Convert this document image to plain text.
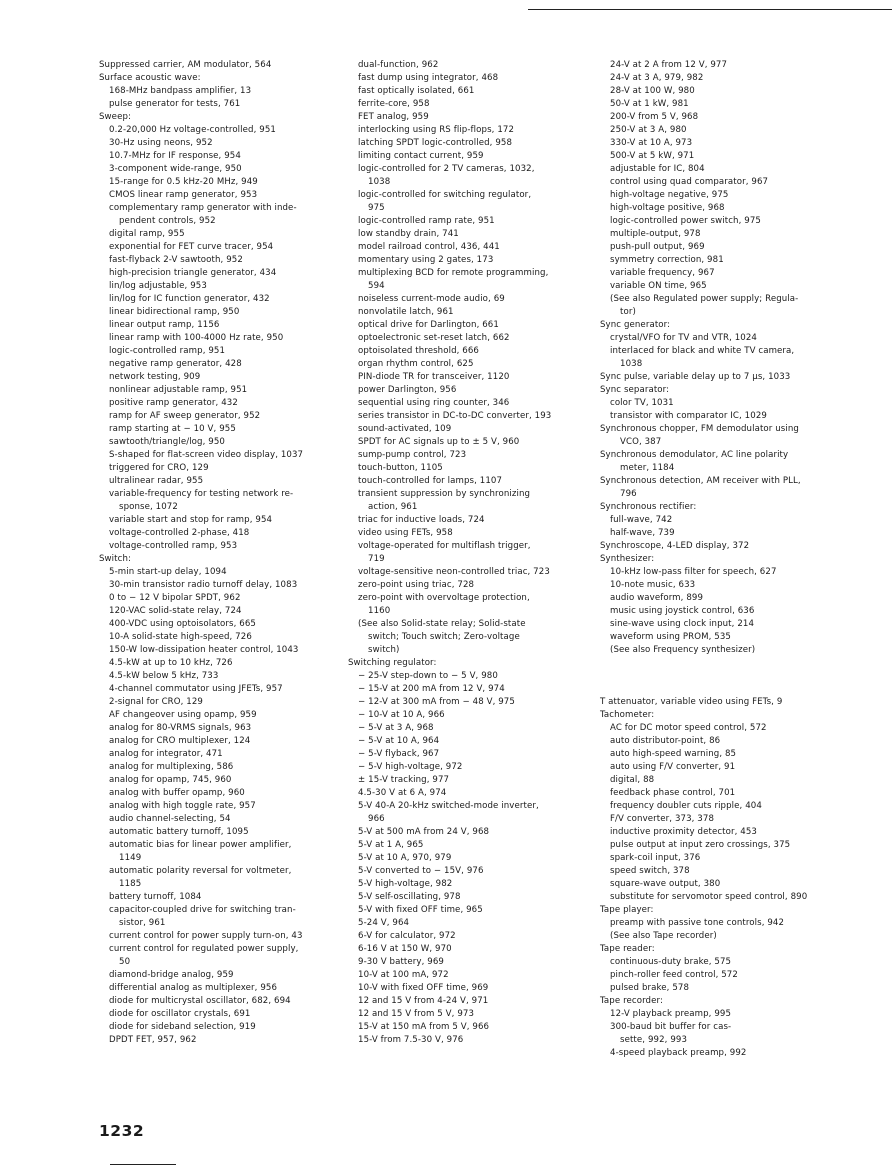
Suppressed carrier, AM modulator, 564
Surface acoustic wave:
168-MHz bandpass amplifier, 13
pulse generator for tests, 761
Sweep:
0.2-20,000 Hz voltage-controlled, 951
30-Hz using neons, 952
10.7-MHz for IF response, 954
3-component wide-range, 950
15-range for 0.5 kHz-20 MHz, 949
CMOS linear ramp generator, 953
complementary ramp generator with inde-
pendent controls, 952
digital ramp, 955
exponential for FET curve tracer, 954
fast-flyback 2-V sawtooth, 952
high-precision triangle generator, 434
lin/log adjustable, 953
lin/log for IC function generator, 432
linear bidirectional ramp, 950
linear output ramp, 1156
linear ramp with 100-4000 Hz rate, 950
logic-controlled ramp, 951
negative ramp generator, 428
network testing, 909
nonlinear adjustable ramp, 951
positive ramp generator, 432
ramp for AF sweep generator, 952
ramp starting at − 10 V, 955
sawtooth/triangle/log, 950
S-shaped for flat-screen video display, 1037
triggered for CRO, 129
ultralinear radar, 955
variable-frequency for testing network re-
sponse, 1072
variable start and stop for ramp, 954
voltage-controlled 2-phase, 418
voltage-controlled ramp, 953
Switch:
5-min start-up delay, 1094
30-min transistor radio turnoff delay, 1083
0 to − 12 V bipolar SPDT, 962
120-VAC solid-state relay, 724
400-VDC using optoisolators, 665
10-A solid-state high-speed, 726
150-W low-dissipation heater control, 1043
4.5-kW at up to 10 kHz, 726
4.5-kW below 5 kHz, 733
4-channel commutator using JFETs, 957
2-signal for CRO, 129
AF changeover using opamp, 959
analog for 80-VRMS signals, 963
analog for CRO multiplexer, 124
analog for integrator, 471
analog for multiplexing, 586
analog for opamp, 745, 960
analog with buffer opamp, 960
analog with high toggle rate, 957
audio channel-selecting, 54
automatic battery turnoff, 1095
automatic bias for linear power amplifier,
1149
automatic polarity reversal for voltmeter,
1185
battery turnoff, 1084
capacitor-coupled drive for switching tran-
sistor, 961
current control for power supply turn-on, 43
current control for regulated power supply,
50
diamond-bridge analog, 959
differential analog as multiplexer, 956
diode for multicrystal oscillator, 682, 694
diode for oscillator crystals, 691
diode for sideband selection, 919
DPDT FET, 957, 962
dual-function, 962
fast dump using integrator, 468
fast optically isolated, 661
ferrite-core, 958
FET analog, 959
interlocking using RS flip-flops, 172
latching SPDT logic-controlled, 958
limiting contact current, 959
logic-controlled for 2 TV cameras, 1032,
1038
logic-controlled for switching regulator,
975
logic-controlled ramp rate, 951
low standby drain, 741
model railroad control, 436, 441
momentary using 2 gates, 173
multiplexing BCD for remote programming,
594
noiseless current-mode audio, 69
nonvolatile latch, 961
optical drive for Darlington, 661
optoelectronic set-reset latch, 662
optoisolated threshold, 666
organ rhythm control, 625
PIN-diode TR for transceiver, 1120
power Darlington, 956
sequential using ring counter, 346
series transistor in DC-to-DC converter, 193
sound-activated, 109
SPDT for AC signals up to ± 5 V, 960
sump-pump control, 723
touch-button, 1105
touch-controlled for lamps, 1107
transient suppression by synchronizing
action, 961
triac for inductive loads, 724
video using FETs, 958
voltage-operated for multiflash trigger,
719
voltage-sensitive neon-controlled triac, 723
zero-point using triac, 728
zero-point with overvoltage protection,
1160
(See also Solid-state relay; Solid-state
switch; Touch switch; Zero-voltage
switch)
Switching regulator:
− 25-V step-down to − 5 V, 980
− 15-V at 200 mA from 12 V, 974
− 12-V at 300 mA from − 48 V, 975
− 10-V at 10 A, 966
− 5-V at 3 A, 968
− 5-V at 10 A, 964
− 5-V flyback, 967
− 5-V high-voltage, 972
± 15-V tracking, 977
4.5-30 V at 6 A, 974
5-V 40-A 20-kHz switched-mode inverter,
966
5-V at 500 mA from 24 V, 968
5-V at 1 A, 965
5-V at 10 A, 970, 979
5-V converted to − 15V, 976
5-V high-voltage, 982
5-V self-oscillating, 978
5-V with fixed OFF time, 965
5-24 V, 964
6-V for calculator, 972
6-16 V at 150 W, 970
9-30 V battery, 969
10-V at 100 mA, 972
10-V with fixed OFF time, 969
12 and 15 V from 4-24 V, 971
12 and 15 V from 5 V, 973
15-V at 150 mA from 5 V, 966
15-V from 7.5-30 V, 976
24-V at 2 A from 12 V, 977
24-V at 3 A, 979, 982
28-V at 100 W, 980
50-V at 1 kW, 981
200-V from 5 V, 968
250-V at 3 A, 980
330-V at 10 A, 973
500-V at 5 kW, 971
adjustable for IC, 804
control using quad comparator, 967
high-voltage negative, 975
high-voltage positive, 968
logic-controlled power switch, 975
multiple-output, 978
push-pull output, 969
symmetry correction, 981
variable frequency, 967
variable ON time, 965
(See also Regulated power supply; Regula-
tor)
Sync generator:
crystal/VFO for TV and VTR, 1024
interlaced for black and white TV camera,
1038
Sync pulse, variable delay up to 7 µs, 1033
Sync separator:
color TV, 1031
transistor with comparator IC, 1029
Synchronous chopper, FM demodulator using
VCO, 387
Synchronous demodulator, AC line polarity
meter, 1184
Synchronous detection, AM receiver with PLL,
796
Synchronous rectifier:
full-wave, 742
half-wave, 739
Synchroscope, 4-LED display, 372
Synthesizer:
10-kHz low-pass filter for speech, 627
10-note music, 633
audio waveform, 899
music using joystick control, 636
sine-wave using clock input, 214
waveform using PROM, 535
(See also Frequency synthesizer)
T attenuator, variable video using FETs, 9
Tachometer:
AC for DC motor speed control, 572
auto distributor-point, 86
auto high-speed warning, 85
auto using F/V converter, 91
digital, 88
feedback phase control, 701
frequency doubler cuts ripple, 404
F/V converter, 373, 378
inductive proximity detector, 453
pulse output at input zero crossings, 375
spark-coil input, 376
speed switch, 378
square-wave output, 380
substitute for servomotor speed control, 890
Tape player:
preamp with passive tone controls, 942
(See also Tape recorder)
Tape reader:
continuous-duty brake, 575
pinch-roller feed control, 572
pulsed brake, 578
Tape recorder:
12-V playback preamp, 995
300-baud bit buffer for cas-
sette, 992, 993
4-speed playback preamp, 992
1232
